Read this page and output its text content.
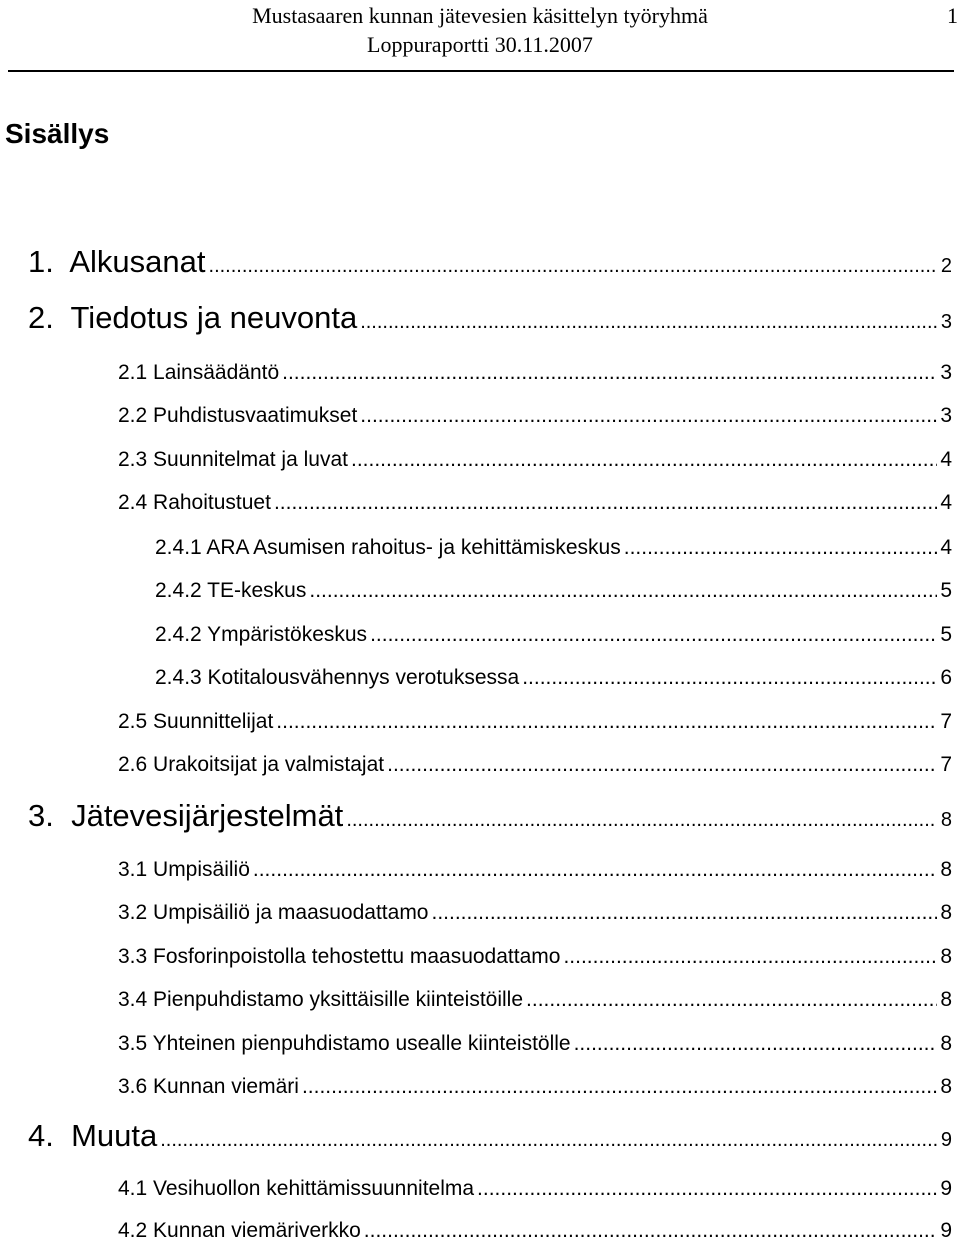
Mustasaaren kunnan jätevesien käsittelyn työryhmä	1
Loppuraportti 30.11.2007
Sisällys
1.  Alkusanat .....	2
2.  Tiedotus ja neuvonta .....	3
2.1 Lainsäädäntö .....	3
2.2 Puhdistusvaatimukset .....	3
2.3 Suunnitelmat ja luvat .....	4
2.4 Rahoitustuet .....	4
2.4.1 ARA Asumisen rahoitus- ja kehittämiskeskus .....	4
2.4.2 TE-keskus .....	5
2.4.2 Ympäristökeskus .....	5
2.4.3 Kotitalousvähennys verotuksessa .....	6
2.5 Suunnittelijat .....	7
2.6 Urakoitsijat ja valmistajat .....	7
3.  Jätevesijärjestelmät .....	8
3.1 Umpisäiliö .....	8
3.2 Umpisäiliö ja maasuodattamo .....	8
3.3 Fosforinpoistolla tehostettu maasuodattamo .....	8
3.4 Pienpuhdistamo yksittäisille kiinteistöille .....	8
3.5 Yhteinen pienpuhdistamo usealle kiinteistölle .....	8
3.6 Kunnan viemäri .....	8
4.  Muuta .....	9
4.1 Vesihuollon kehittämissuunnitelma .....	9
4.2 Kunnan viemäriverkko .....	9
